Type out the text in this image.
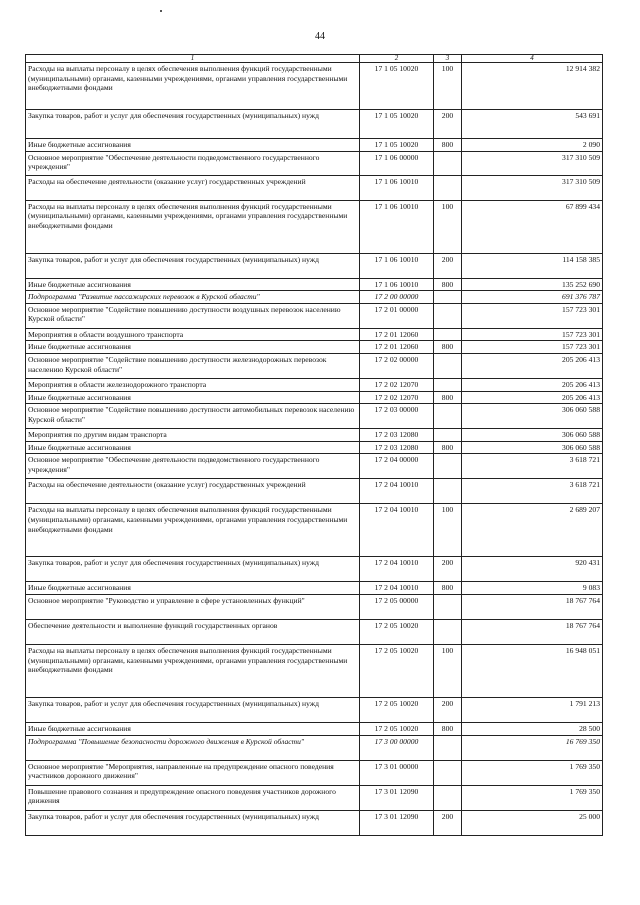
44
1	2	3	4
Расходы на выплаты персоналу в целях обеспечения выполнения функций государственными (муниципальными) органами, казенными учреждениями, органами управления государственными внебюджетными фондами	17 1 05 10020	100	12 914 382
Закупка товаров, работ и услуг для обеспечения государственных (муниципальных) нужд	17 1 05 10020	200	543 691
Иные бюджетные ассигнования	17 1 05 10020	800	2 090
Основное мероприятие "Обеспечение деятельности подведомственного государственного учреждения"	17 1 06 00000		317 310 509
Расходы на обеспечение деятельности (оказание услуг) государственных учреждений	17 1 06 10010		317 310 509
Расходы на выплаты персоналу в целях обеспечения выполнения функций государственными (муниципальными) органами, казенными учреждениями, органами управления государственными внебюджетными фондами	17 1 06 10010	100	67 899 434
Закупка товаров, работ и услуг для обеспечения государственных (муниципальных) нужд	17 1 06 10010	200	114 158 385
Иные бюджетные ассигнования	17 1 06 10010	800	135 252 690
Подпрограмма "Развитие пассажирских перевозок в Курской области"	17 2 00 00000		691 376 787
Основное мероприятие "Содействие повышению доступности воздушных перевозок населению Курской области"	17 2 01 00000		157 723 301
Мероприятия в области воздушного транспорта	17 2 01 12060		157 723 301
Иные бюджетные ассигнования	17 2 01 12060	800	157 723 301
Основное мероприятие "Содействие повышению доступности железнодорожных перевозок населению Курской области"	17 2 02 00000		205 206 413
Мероприятия в области железнодорожного транспорта	17 2 02 12070		205 206 413
Иные бюджетные ассигнования	17 2 02 12070	800	205 206 413
Основное мероприятие "Содействие повышению доступности автомобильных перевозок населению Курской области"	17 2 03 00000		306 060 588
Мероприятия по другим видам транспорта	17 2 03 12080		306 060 588
Иные бюджетные ассигнования	17 2 03 12080	800	306 060 588
Основное мероприятие "Обеспечение деятельности подведомственного государственного учреждения"	17 2 04 00000		3 618 721
Расходы на обеспечение деятельности (оказание услуг) государственных учреждений	17 2 04 10010		3 618 721
Расходы на выплаты персоналу в целях обеспечения выполнения функций государственными (муниципальными) органами, казенными учреждениями, органами управления государственными внебюджетными фондами	17 2 04 10010	100	2 689 207
Закупка товаров, работ и услуг для обеспечения государственных (муниципальных) нужд	17 2 04 10010	200	920 431
Иные бюджетные ассигнования	17 2 04 10010	800	9 083
Основное мероприятие "Руководство и управление в сфере установленных функций"	17 2 05 00000		18 767 764
Обеспечение деятельности и выполнение функций государственных органов	17 2 05 10020		18 767 764
Расходы на выплаты персоналу в целях обеспечения выполнения функций государственными (муниципальными) органами, казенными учреждениями, органами управления государственными внебюджетными фондами	17 2 05 10020	100	16 948 051
Закупка товаров, работ и услуг для обеспечения государственных (муниципальных) нужд	17 2 05 10020	200	1 791 213
Иные бюджетные ассигнования	17 2 05 10020	800	28 500
Подпрограмма "Повышение безопасности дорожного движения в Курской области"	17 3 00 00000		16 769 350
Основное мероприятие "Мероприятия, направленные на предупреждение опасного поведения участников дорожного движения"	17 3 01 00000		1 769 350
Повышение правового сознания и предупреждение опасного поведения участников дорожного движения	17 3 01 12090		1 769 350
Закупка товаров, работ и услуг для обеспечения государственных (муниципальных) нужд	17 3 01 12090	200	25 000
